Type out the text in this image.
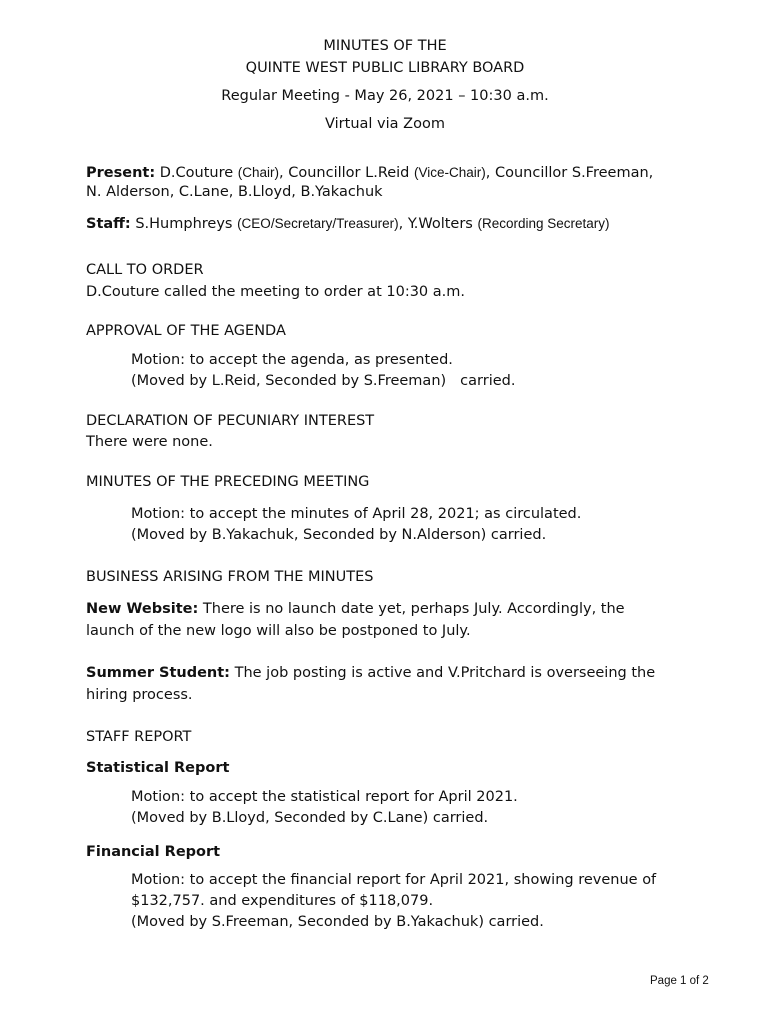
MINUTES OF THE
QUINTE WEST PUBLIC LIBRARY BOARD
Regular Meeting - May 26, 2021 – 10:30 a.m.
Virtual via Zoom
Present: D.Couture (Chair), Councillor L.Reid (Vice-Chair), Councillor S.Freeman,
N. Alderson, C.Lane, B.Lloyd, B.Yakachuk
Staff: S.Humphreys (CEO/Secretary/Treasurer), Y.Wolters (Recording Secretary)
CALL TO ORDER
D.Couture called the meeting to order at 10:30 a.m.
APPROVAL OF THE AGENDA
Motion: to accept the agenda, as presented.
(Moved by L.Reid, Seconded by S.Freeman) carried.
DECLARATION OF PECUNIARY INTEREST
There were none.
MINUTES OF THE PRECEDING MEETING
Motion: to accept the minutes of April 28, 2021; as circulated.
(Moved by B.Yakachuk, Seconded by N.Alderson) carried.
BUSINESS ARISING FROM THE MINUTES
New Website: There is no launch date yet, perhaps July. Accordingly, the
launch of the new logo will also be postponed to July.
Summer Student: The job posting is active and V.Pritchard is overseeing the
hiring process.
STAFF REPORT
Statistical Report
Motion: to accept the statistical report for April 2021.
(Moved by B.Lloyd, Seconded by C.Lane) carried.
Financial Report
Motion: to accept the financial report for April 2021, showing revenue of
$132,757. and expenditures of $118,079.
(Moved by S.Freeman, Seconded by B.Yakachuk) carried.
Page 1 of 2
